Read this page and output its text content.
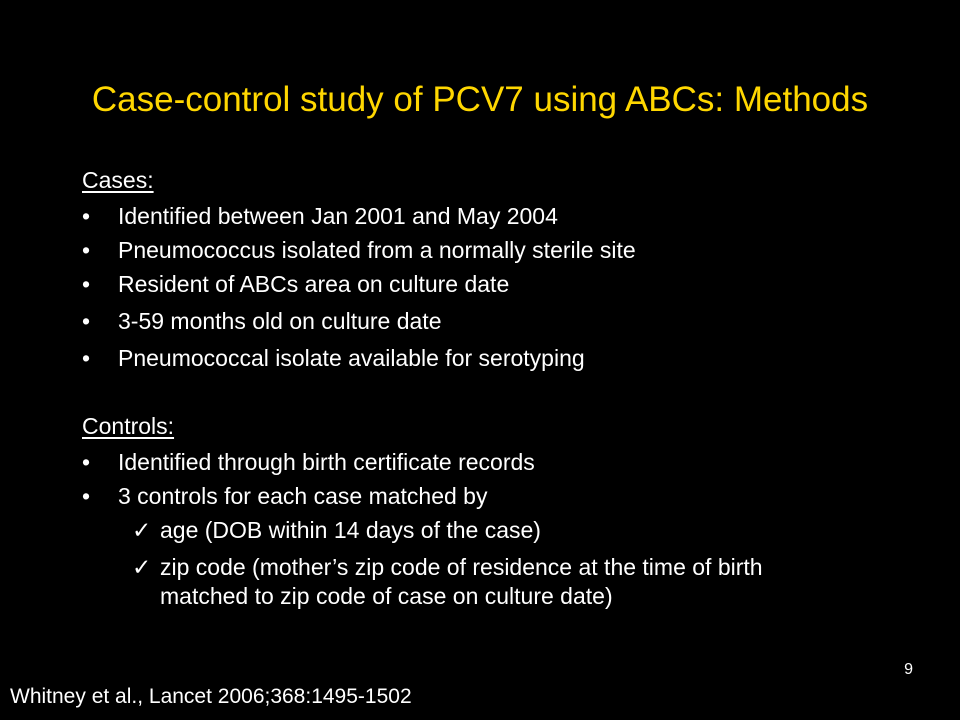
Case-control study of PCV7 using ABCs: Methods
Cases:
• Identified between Jan 2001 and May 2004
• Pneumococcus isolated from a normally sterile site
• Resident of ABCs area on culture date
• 3-59 months old on culture date
• Pneumococcal isolate available for serotyping
Controls:
• Identified through birth certificate records
• 3 controls for each case matched by
✓ age (DOB within 14 days of the case)
✓ zip code (mother’s zip code of residence at the time of birth
matched to zip code of case on culture date)
9
Whitney et al., Lancet 2006;368:1495-1502
